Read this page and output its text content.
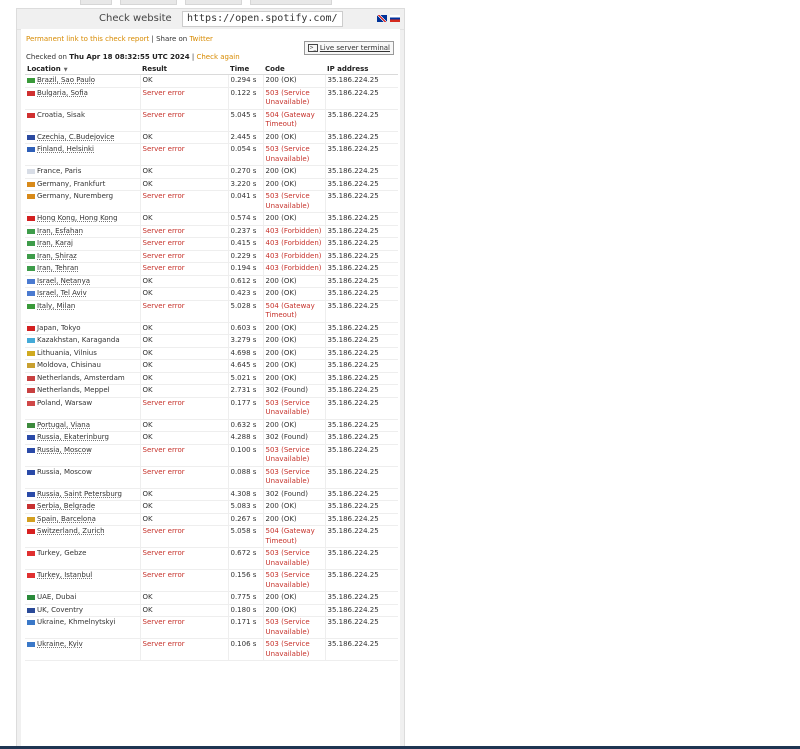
Check website	https://open.spotify.com/
Permanent link to this check report | Share on Twitter
>_ Live server terminal
Checked on Thu Apr 18 08:32:55 UTC 2024 | Check again
Location ▼	Result	Time	Code	IP address

Brazil, Sao Paulo	OK	0.294 s	200 (OK)	35.186.224.25

Bulgaria, Sofia	Server error	0.122 s	503 (Service Unavailable)	35.186.224.25

Croatia, Sisak	Server error	5.045 s	504 (Gateway Timeout)	35.186.224.25

Czechia, C.Budejovice	OK	2.445 s	200 (OK)	35.186.224.25

Finland, Helsinki	Server error	0.054 s	503 (Service Unavailable)	35.186.224.25

France, Paris	OK	0.270 s	200 (OK)	35.186.224.25

Germany, Frankfurt	OK	3.220 s	200 (OK)	35.186.224.25

Germany, Nuremberg	Server error	0.041 s	503 (Service Unavailable)	35.186.224.25

Hong Kong, Hong Kong	OK	0.574 s	200 (OK)	35.186.224.25

Iran, Esfahan	Server error	0.237 s	403 (Forbidden)	35.186.224.25

Iran, Karaj	Server error	0.415 s	403 (Forbidden)	35.186.224.25

Iran, Shiraz	Server error	0.229 s	403 (Forbidden)	35.186.224.25

Iran, Tehran	Server error	0.194 s	403 (Forbidden)	35.186.224.25

Israel, Netanya	OK	0.612 s	200 (OK)	35.186.224.25

Israel, Tel Aviv	OK	0.423 s	200 (OK)	35.186.224.25

Italy, Milan	Server error	5.028 s	504 (Gateway Timeout)	35.186.224.25

Japan, Tokyo	OK	0.603 s	200 (OK)	35.186.224.25

Kazakhstan, Karaganda	OK	3.279 s	200 (OK)	35.186.224.25

Lithuania, Vilnius	OK	4.698 s	200 (OK)	35.186.224.25

Moldova, Chisinau	OK	4.645 s	200 (OK)	35.186.224.25

Netherlands, Amsterdam	OK	5.021 s	200 (OK)	35.186.224.25

Netherlands, Meppel	OK	2.731 s	302 (Found)	35.186.224.25

Poland, Warsaw	Server error	0.177 s	503 (Service Unavailable)	35.186.224.25

Portugal, Viana	OK	0.632 s	200 (OK)	35.186.224.25

Russia, Ekaterinburg	OK	4.288 s	302 (Found)	35.186.224.25

Russia, Moscow	Server error	0.100 s	503 (Service Unavailable)	35.186.224.25

Russia, Moscow	Server error	0.088 s	503 (Service Unavailable)	35.186.224.25

Russia, Saint Petersburg	OK	4.308 s	302 (Found)	35.186.224.25

Serbia, Belgrade	OK	5.083 s	200 (OK)	35.186.224.25

Spain, Barcelona	OK	0.267 s	200 (OK)	35.186.224.25

Switzerland, Zurich	Server error	5.058 s	504 (Gateway Timeout)	35.186.224.25

Turkey, Gebze	Server error	0.672 s	503 (Service Unavailable)	35.186.224.25

Turkey, Istanbul	Server error	0.156 s	503 (Service Unavailable)	35.186.224.25

UAE, Dubai	OK	0.775 s	200 (OK)	35.186.224.25

UK, Coventry	OK	0.180 s	200 (OK)	35.186.224.25

Ukraine, Khmelnytskyi	Server error	0.171 s	503 (Service Unavailable)	35.186.224.25

Ukraine, Kyiv	Server error	0.106 s	503 (Service Unavailable)	35.186.224.25
